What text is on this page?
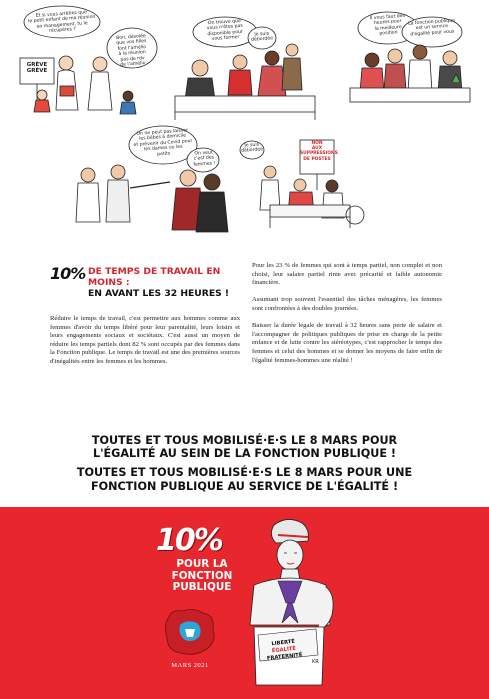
Et si vous arrêtiez que
le petit enfant de ma réunion
en management, tu le récupères ?
Bon, désolée
que vos filles
font l'amélio
à la réunion
pas de rdv
de l'amélio
GRÈVE
GRÈVE
On trouve que
vous n'êtes pas
disponible pour
vous former
Je suis
débordée
Il vous faut des
heures pour
la meilleure
position
La fonction publique
est un service
d'égalité pour vous
On ne peut pas laisser
les bébés à domicile
et prévenir du Covid pour
les dames ou les
petits	On veut
c'est des
femmes !
Je suis
débordée
NON
AUX
SUPPRESSIONS
DE POSTES
10% DE TEMPS DE TRAVAIL EN MOINS :
EN AVANT LES 32 HEURES !

Réduire le temps de travail, c'est permettre aux hommes comme aux femmes d'avoir du temps libéré pour leur parentalité, leurs loisirs et leurs engagements sociaux et sociétaux. C'est aussi un moyen de réduire les temps partiels dont 82 % sont occupés par des femmes dans la Fonction publique. Le temps de travail est une des premières sources d'inégalités entre les femmes et les hommes.

Pour les 23 % de femmes qui sont à temps partiel, non complet et non choisi, leur salaire partiel rime avec précarité et faible autonomie financière.

Assumant trop souvent l'essentiel des tâches ménagères, les femmes sont confrontées à des doubles journées.

Baisser la durée légale de travail à 32 heures sans perte de salaire et l'accompagner de politiques publiques de prise en charge de la petite enfance et de lutte contre les stéréotypes, c'est rapprocher le temps des femmes et celui des hommes et se donner les moyens de faire enfin de l'égalité femmes-hommes une réalité !

TOUTES ET TOUS MOBILISÉ·E·S LE 8 MARS POUR L'ÉGALITÉ AU SEIN DE LA FONCTION PUBLIQUE !
TOUTES ET TOUS MOBILISÉ·E·S LE 8 MARS POUR UNE FONCTION PUBLIQUE AU SERVICE DE L'ÉGALITÉ !
10%
POUR LA
FONCTION
PUBLIQUE
MARS 2021
LIBERTÉ
ÉGALITÉ
FRATERNITÉ
KR
